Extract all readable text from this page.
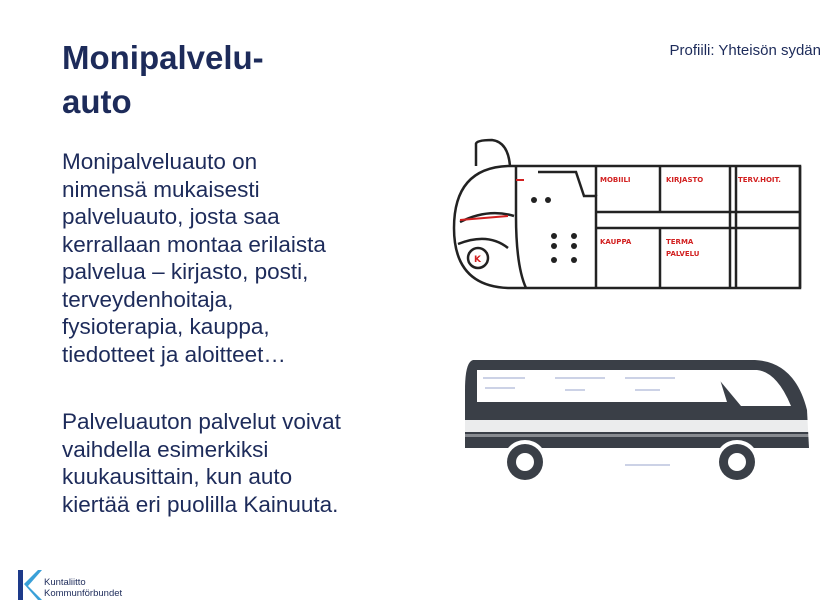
Monipalvelu-
auto
Profiili: Yhteisön sydän

Monipalveluauto on
nimensä mukaisesti
palveluauto, josta saa
kerrallaan montaa erilaista
palvelua – kirjasto, posti,
terveydenhoitaja,
fysioterapia, kauppa,
tiedotteet ja aloitteet…

Palveluauton palvelut voivat
vaihdella esimerkiksi
kuukausittain, kun auto
kiertää eri puolilla Kainuuta.

MOBIILI	KIRJASTO	TERV.HOIT.
KAUPPA	TERMA
PALVELU
K
Kuntaliitto
Kommunförbundet
